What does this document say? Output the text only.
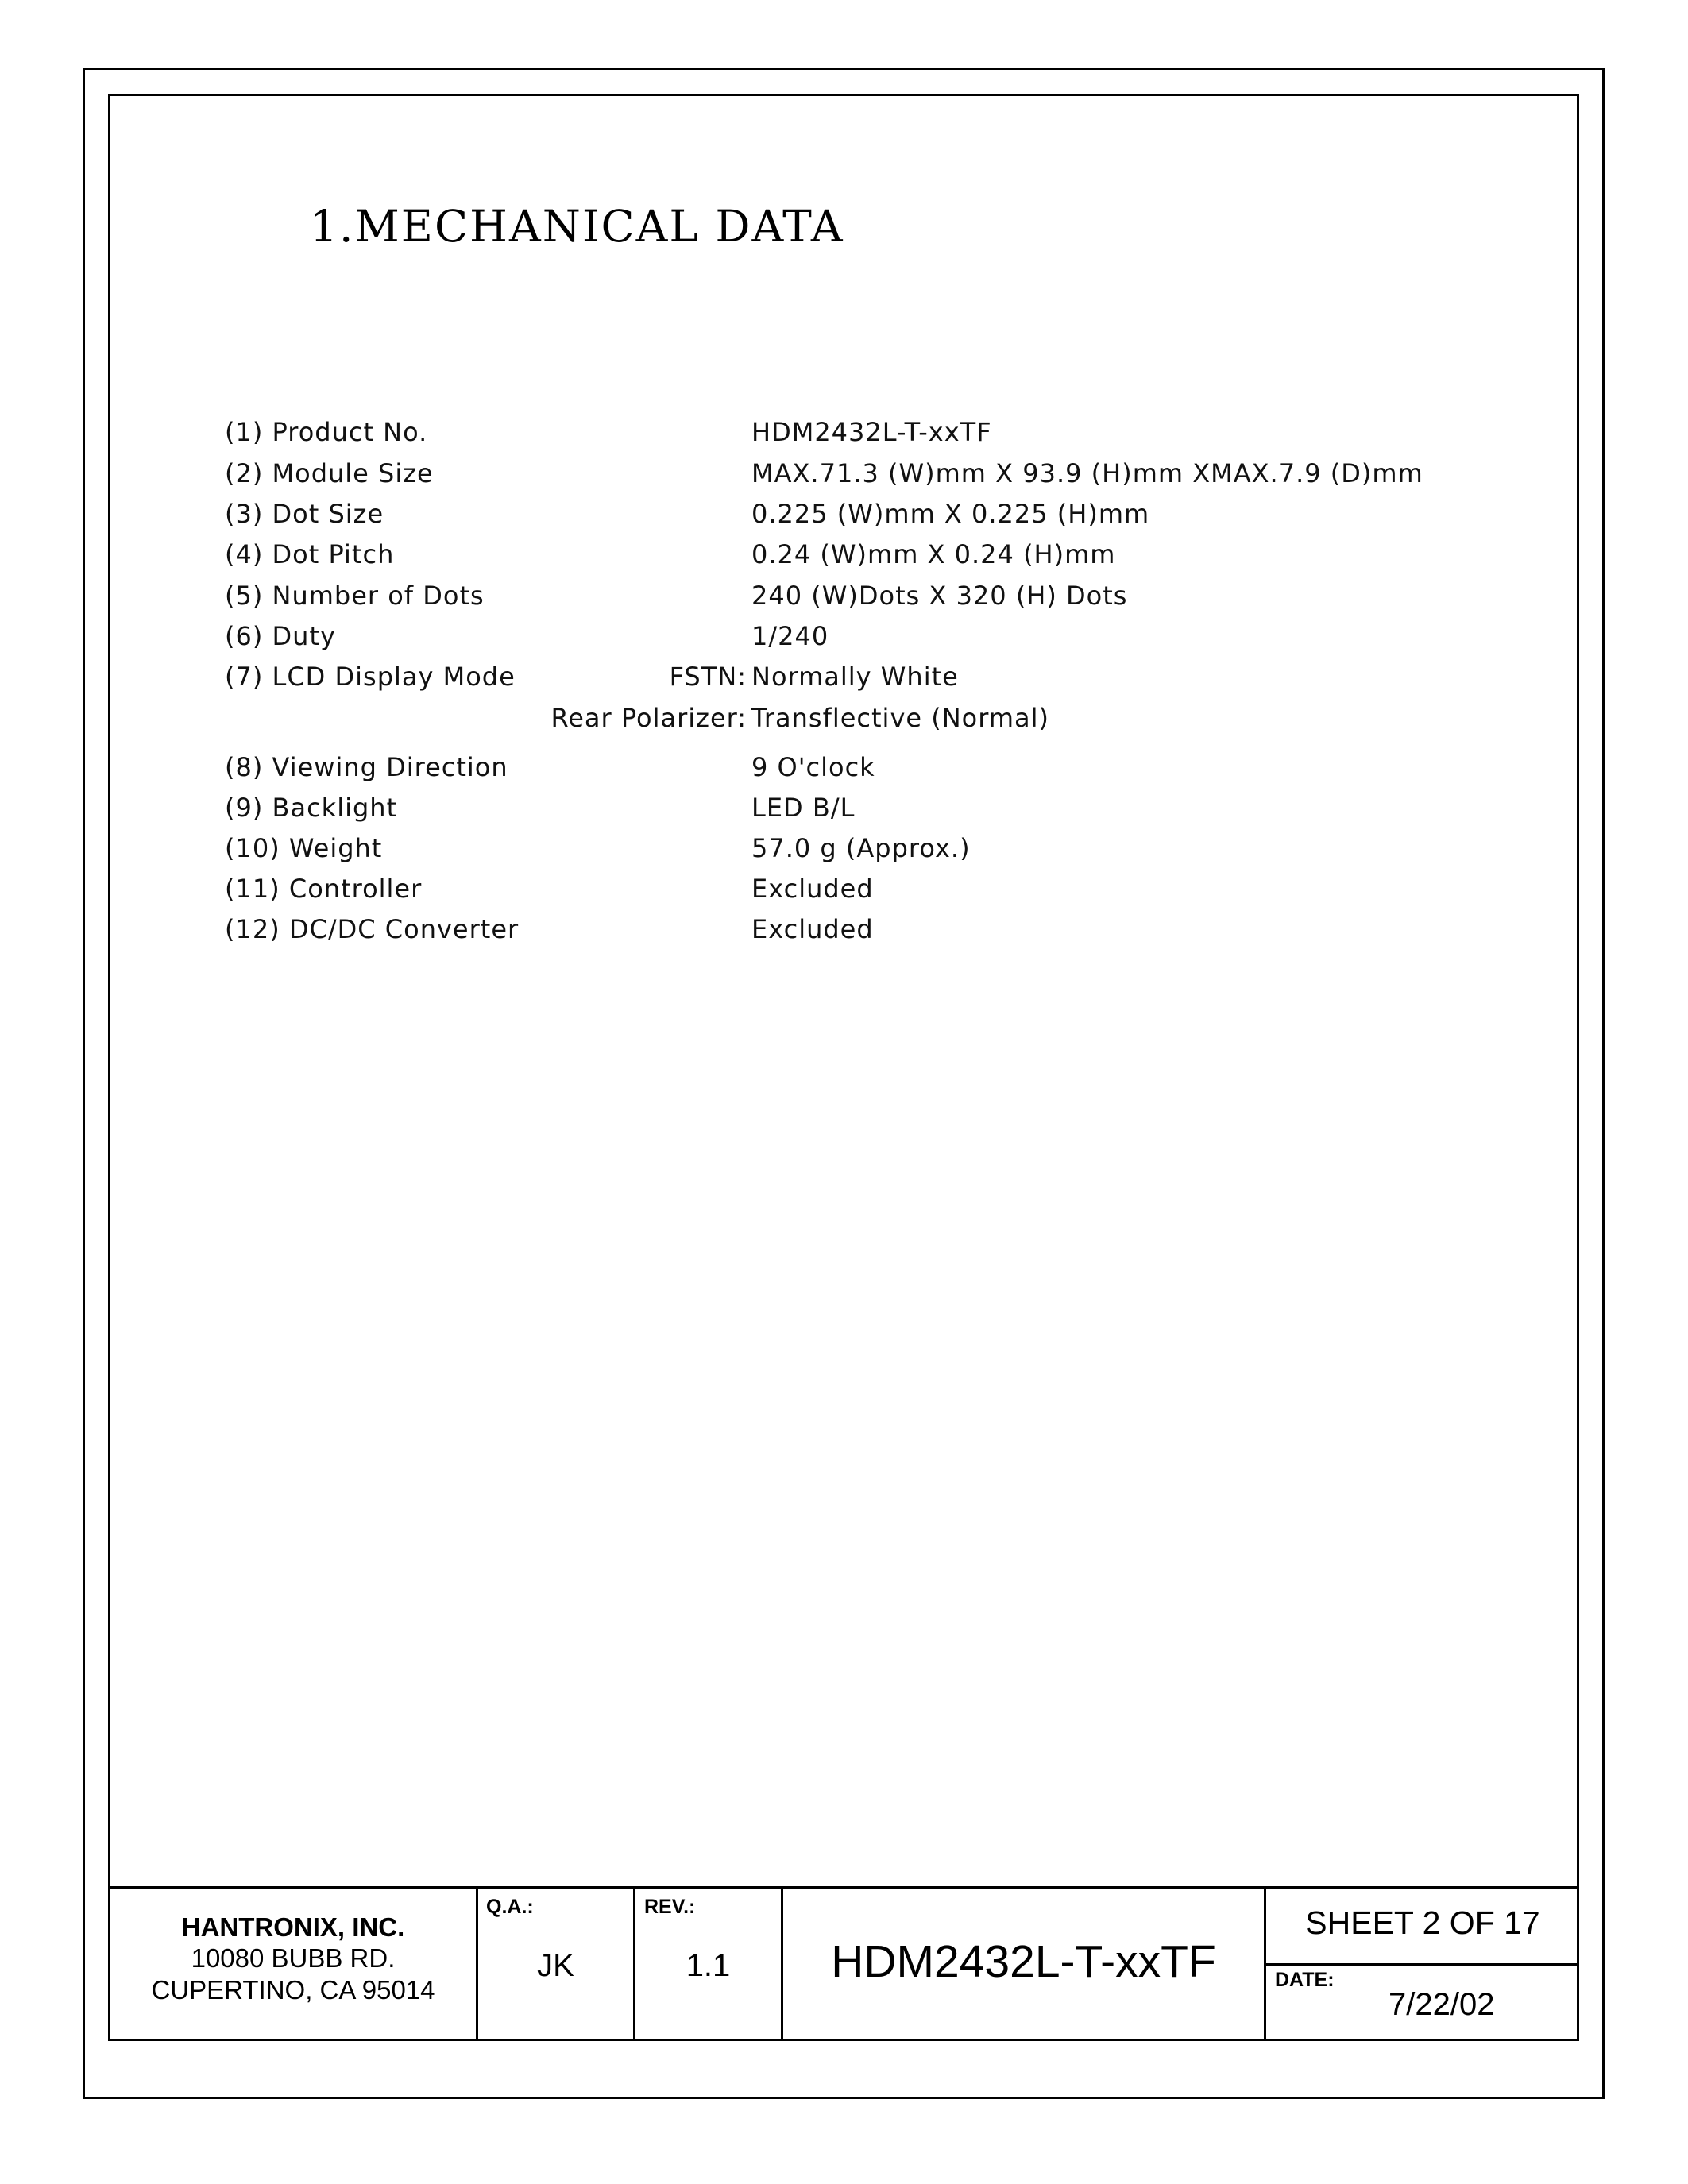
1.MECHANICAL DATA
(1) Product No.	HDM2432L-T-xxTF
(2) Module Size	MAX.71.3 (W)mm X 93.9 (H)mm XMAX.7.9 (D)mm
(3) Dot Size	0.225 (W)mm X 0.225 (H)mm
(4) Dot Pitch	0.24 (W)mm X 0.24 (H)mm
(5) Number of Dots	240 (W)Dots X 320 (H) Dots
(6) Duty	1/240
(7) LCD Display Mode	FSTN: Normally White
Rear Polarizer: Transflective (Normal)
(8) Viewing Direction	9 O'clock
(9) Backlight	LED B/L
(10) Weight	57.0 g (Approx.)
(11) Controller	Excluded
(12) DC/DC Converter	Excluded
HANTRONIX, INC.
10080 BUBB RD.
CUPERTINO, CA 95014
Q.A.:
JK
REV.:
1.1	HDM2432L-T-xxTF
SHEET 2 OF 17
DATE:
7/22/02
